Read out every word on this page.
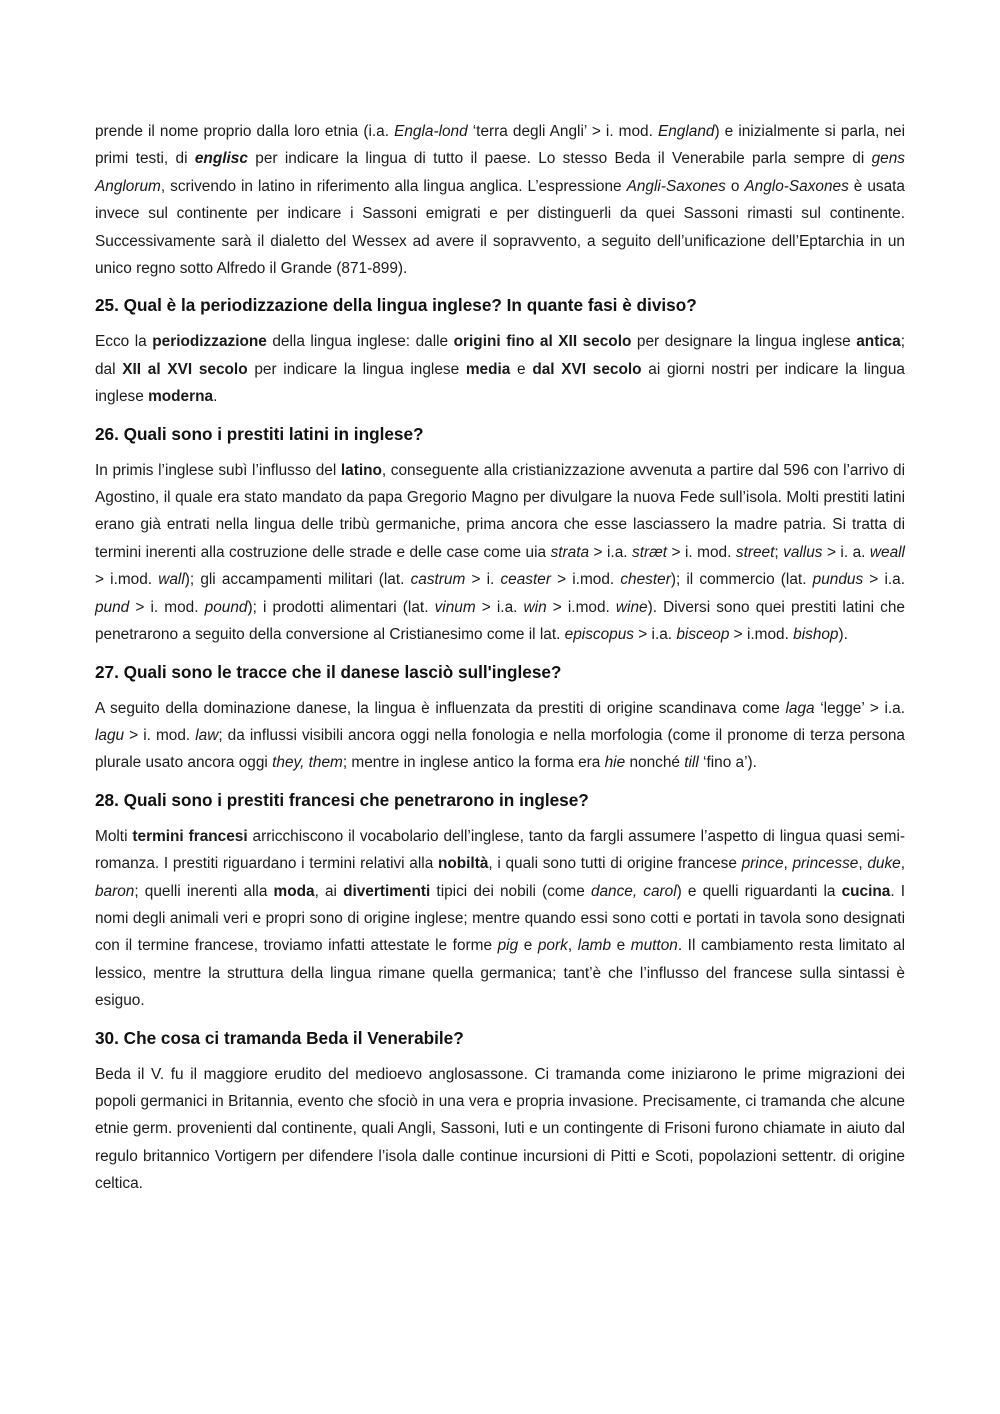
prende il nome proprio dalla loro etnia (i.a. Engla-lond ‘terra degli Angli’ > i. mod. England) e inizialmente si parla, nei primi testi, di englisc per indicare la lingua di tutto il paese. Lo stesso Beda il Venerabile parla sempre di gens Anglorum, scrivendo in latino in riferimento alla lingua anglica. L’espressione Angli-Saxones o Anglo-Saxones è usata invece sul continente per indicare i Sassoni emigrati e per distinguerli da quei Sassoni rimasti sul continente. Successivamente sarà il dialetto del Wessex ad avere il sopravvento, a seguito dell’unificazione dell’Eptarchia in un unico regno sotto Alfredo il Grande (871-899).

25. Qual è la periodizzazione della lingua inglese? In quante fasi è diviso?

Ecco la periodizzazione della lingua inglese: dalle origini fino al XII secolo per designare la lingua inglese antica; dal XII al XVI secolo per indicare la lingua inglese media e dal XVI secolo ai giorni nostri per indicare la lingua inglese moderna.

26. Quali sono i prestiti latini in inglese?

In primis l’inglese subì l’influsso del latino, conseguente alla cristianizzazione avvenuta a partire dal 596 con l’arrivo di Agostino, il quale era stato mandato da papa Gregorio Magno per divulgare la nuova Fede sull’isola. Molti prestiti latini erano già entrati nella lingua delle tribù germaniche, prima ancora che esse lasciassero la madre patria. Si tratta di termini inerenti alla costruzione delle strade e delle case come uia strata > i.a. stræt > i. mod. street; vallus > i. a. weall > i.mod. wall); gli accampamenti militari (lat. castrum > i. ceaster > i.mod. chester); il commercio (lat. pundus > i.a. pund > i. mod. pound); i prodotti alimentari (lat. vinum > i.a. win > i.mod. wine). Diversi sono quei prestiti latini che penetrarono a seguito della conversione al Cristianesimo come il lat. episcopus > i.a. bisceop > i.mod. bishop).

27. Quali sono le tracce che il danese lasciò sull'inglese?

A seguito della dominazione danese, la lingua è influenzata da prestiti di origine scandinava come laga ‘legge’ > i.a. lagu > i. mod. law; da influssi visibili ancora oggi nella fonologia e nella morfologia (come il pronome di terza persona plurale usato ancora oggi they, them; mentre in inglese antico la forma era hie nonché till ‘fino a’).

28. Quali sono i prestiti francesi che penetrarono in inglese?

Molti termini francesi arricchiscono il vocabolario dell’inglese, tanto da fargli assumere l’aspetto di lingua quasi semi-romanza. I prestiti riguardano i termini relativi alla nobiltà, i quali sono tutti di origine francese prince, princesse, duke, baron; quelli inerenti alla moda, ai divertimenti tipici dei nobili (come dance, carol) e quelli riguardanti la cucina. I nomi degli animali veri e propri sono di origine inglese; mentre quando essi sono cotti e portati in tavola sono designati con il termine francese, troviamo infatti attestate le forme pig e pork, lamb e mutton. Il cambiamento resta limitato al lessico, mentre la struttura della lingua rimane quella germanica; tant’è che l’influsso del francese sulla sintassi è esiguo.

30. Che cosa ci tramanda Beda il Venerabile?

Beda il V. fu il maggiore erudito del medioevo anglosassone. Ci tramanda come iniziarono le prime migrazioni dei popoli germanici in Britannia, evento che sfociò in una vera e propria invasione. Precisamente, ci tramanda che alcune etnie germ. provenienti dal continente, quali Angli, Sassoni, Iuti e un contingente di Frisoni furono chiamate in aiuto dal regulo britannico Vortigern per difendere l’isola dalle continue incursioni di Pitti e Scoti, popolazioni settentr. di origine celtica.
